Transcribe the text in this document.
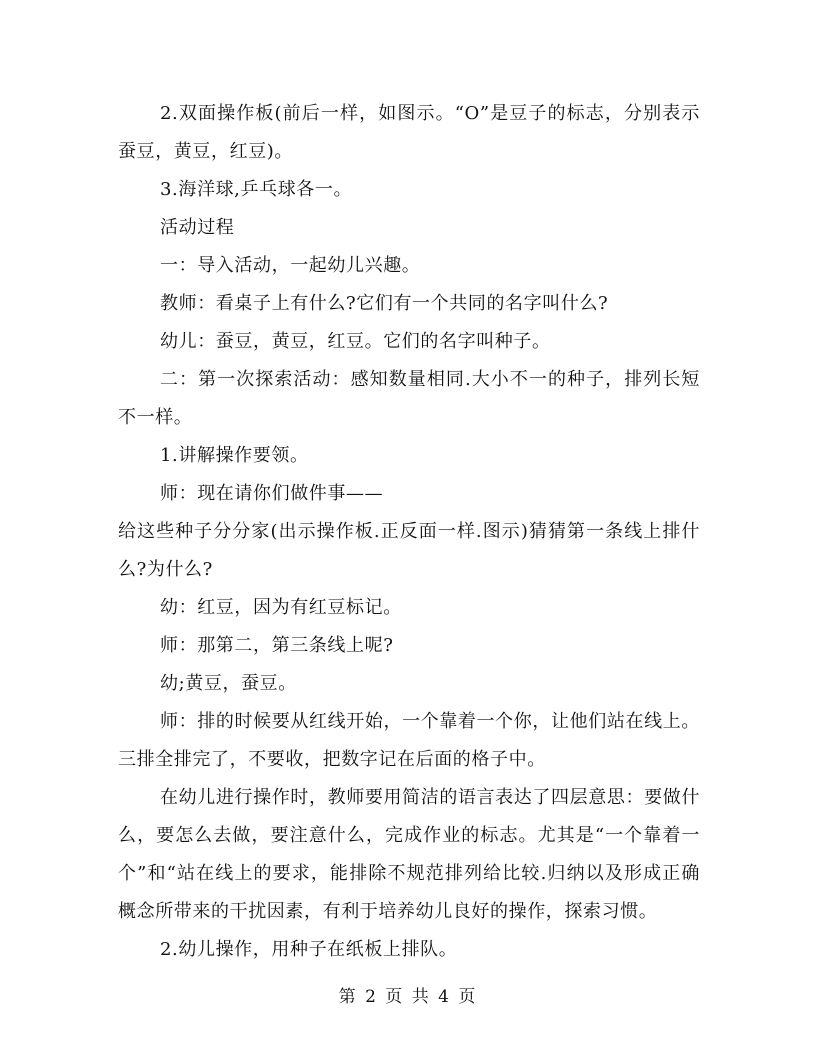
2.双面操作板(前后一样，如图示。“O”是豆子的标志，分别表示蚕豆，黄豆，红豆)。

3.海洋球,乒乓球各一。

活动过程

一：导入活动，一起幼儿兴趣。

教师：看桌子上有什么?它们有一个共同的名字叫什么?

幼儿：蚕豆，黄豆，红豆。它们的名字叫种子。

二：第一次探索活动：感知数量相同.大小不一的种子，排列长短不一样。

1.讲解操作要领。

师：现在请你们做件事——

给这些种子分分家(出示操作板.正反面一样.图示)猜猜第一条线上排什么?为什么?

幼：红豆，因为有红豆标记。

师：那第二，第三条线上呢?

幼;黄豆，蚕豆。

师：排的时候要从红线开始，一个靠着一个你，让他们站在线上。三排全排完了，不要收，把数字记在后面的格子中。

在幼儿进行操作时，教师要用简洁的语言表达了四层意思：要做什么，要怎么去做，要注意什么，完成作业的标志。尤其是“一个靠着一个”和“站在线上的要求，能排除不规范排列给比较.归纳以及形成正确概念所带来的干扰因素，有利于培养幼儿良好的操作，探索习惯。

2.幼儿操作，用种子在纸板上排队。

第 2 页 共 4 页
